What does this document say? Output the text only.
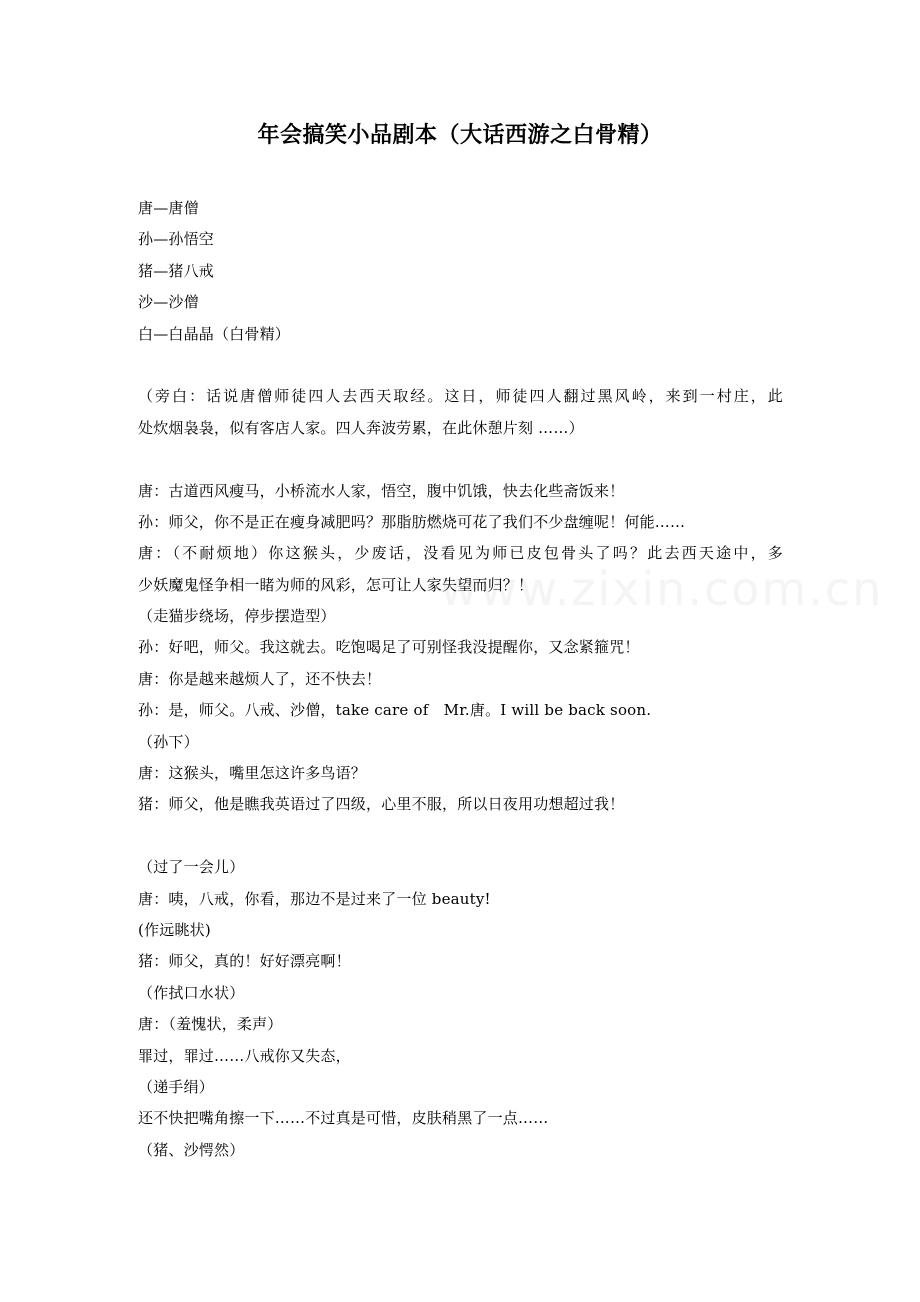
www.zixin.com.cn
年会搞笑小品剧本（大话西游之白骨精）
唐—唐僧
孙—孙悟空
猪—猪八戒
沙—沙僧
白—白晶晶（白骨精）
（旁白：话说唐僧师徒四人去西天取经。这日，师徒四人翻过黑风岭，来到一村庄，此
处炊烟袅袅，似有客店人家。四人奔波劳累，在此休憩片刻 ……）
唐：古道西风瘦马，小桥流水人家，悟空，腹中饥饿，快去化些斋饭来！
孙：师父，你不是正在瘦身减肥吗？那脂肪燃烧可花了我们不少盘缠呢！何能……
唐：（不耐烦地）你这猴头，少废话，没看见为师已皮包骨头了吗？此去西天途中，多
少妖魔鬼怪争相一睹为师的风彩，怎可让人家失望而归？！
（走猫步绕场，停步摆造型）
孙：好吧，师父。我这就去。吃饱喝足了可别怪我没提醒你，又念紧箍咒！
唐：你是越来越烦人了，还不快去！
孙：是，师父。八戒、沙僧，take care of　Mr.唐。I will be back soon.
（孙下）
唐：这猴头，嘴里怎这许多鸟语？
猪：师父，他是瞧我英语过了四级，心里不服，所以日夜用功想超过我！
（过了一会儿）
唐：咦，八戒，你看，那边不是过来了一位 beauty!
(作远眺状)
猪：师父，真的！好好漂亮啊！
（作拭口水状）
唐：（羞愧状，柔声）
罪过，罪过……八戒你又失态，
（递手绢）
还不快把嘴角擦一下……不过真是可惜，皮肤稍黑了一点……
（猪、沙愕然）
